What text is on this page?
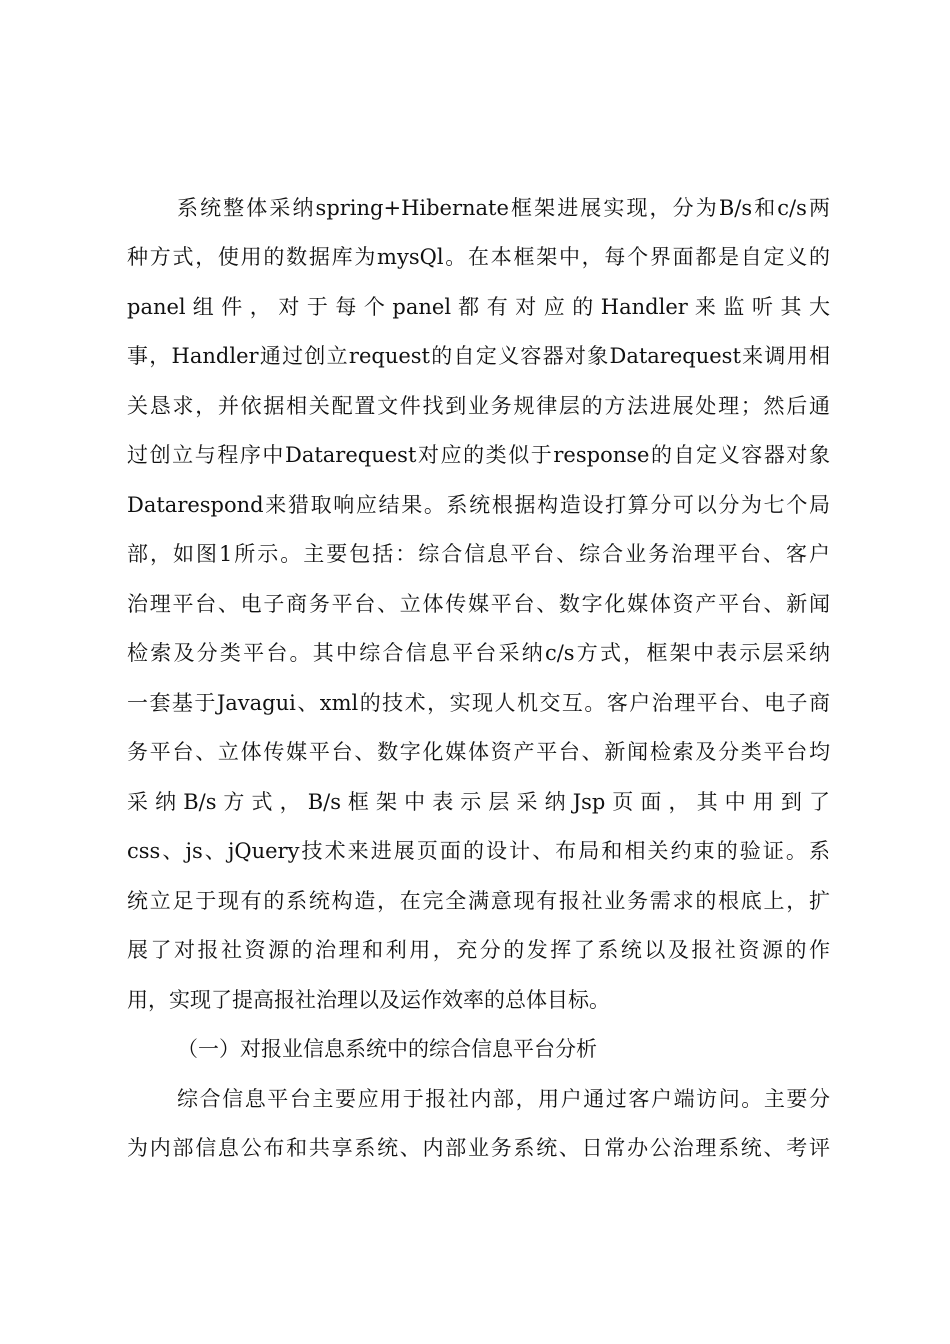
系统整体采纳spring+Hibernate框架进展实现，分为B/s和c/s两
种方式，使用的数据库为mysQl。在本框架中，每个界面都是自定义的
panel 组 件 ， 对 于 每 个 panel 都 有 对 应 的 Handler 来 监 听 其 大
事，Handler通过创立request的自定义容器对象Datarequest来调用相
关恳求，并依据相关配置文件找到业务规律层的方法进展处理；然后通
过创立与程序中Datarequest对应的类似于response的自定义容器对象
Datarespond来猎取响应结果。系统根据构造设打算分可以分为七个局
部，如图1所示。主要包括：综合信息平台、综合业务治理平台、客户
治理平台、电子商务平台、立体传媒平台、数字化媒体资产平台、新闻
检索及分类平台。其中综合信息平台采纳c/s方式，框架中表示层采纳
一套基于Javagui、xml的技术，实现人机交互。客户治理平台、电子商
务平台、立体传媒平台、数字化媒体资产平台、新闻检索及分类平台均
采 纳 B/s 方 式 ， B/s 框 架 中 表 示 层 采 纳 Jsp 页 面 ， 其 中 用 到 了
css、js、jQuery技术来进展页面的设计、布局和相关约束的验证。系
统立足于现有的系统构造，在完全满意现有报社业务需求的根底上，扩
展了对报社资源的治理和利用，充分的发挥了系统以及报社资源的作
用，实现了提高报社治理以及运作效率的总体目标。
（一）对报业信息系统中的综合信息平台分析
综合信息平台主要应用于报社内部，用户通过客户端访问。主要分
为内部信息公布和共享系统、内部业务系统、日常办公治理系统、考评
